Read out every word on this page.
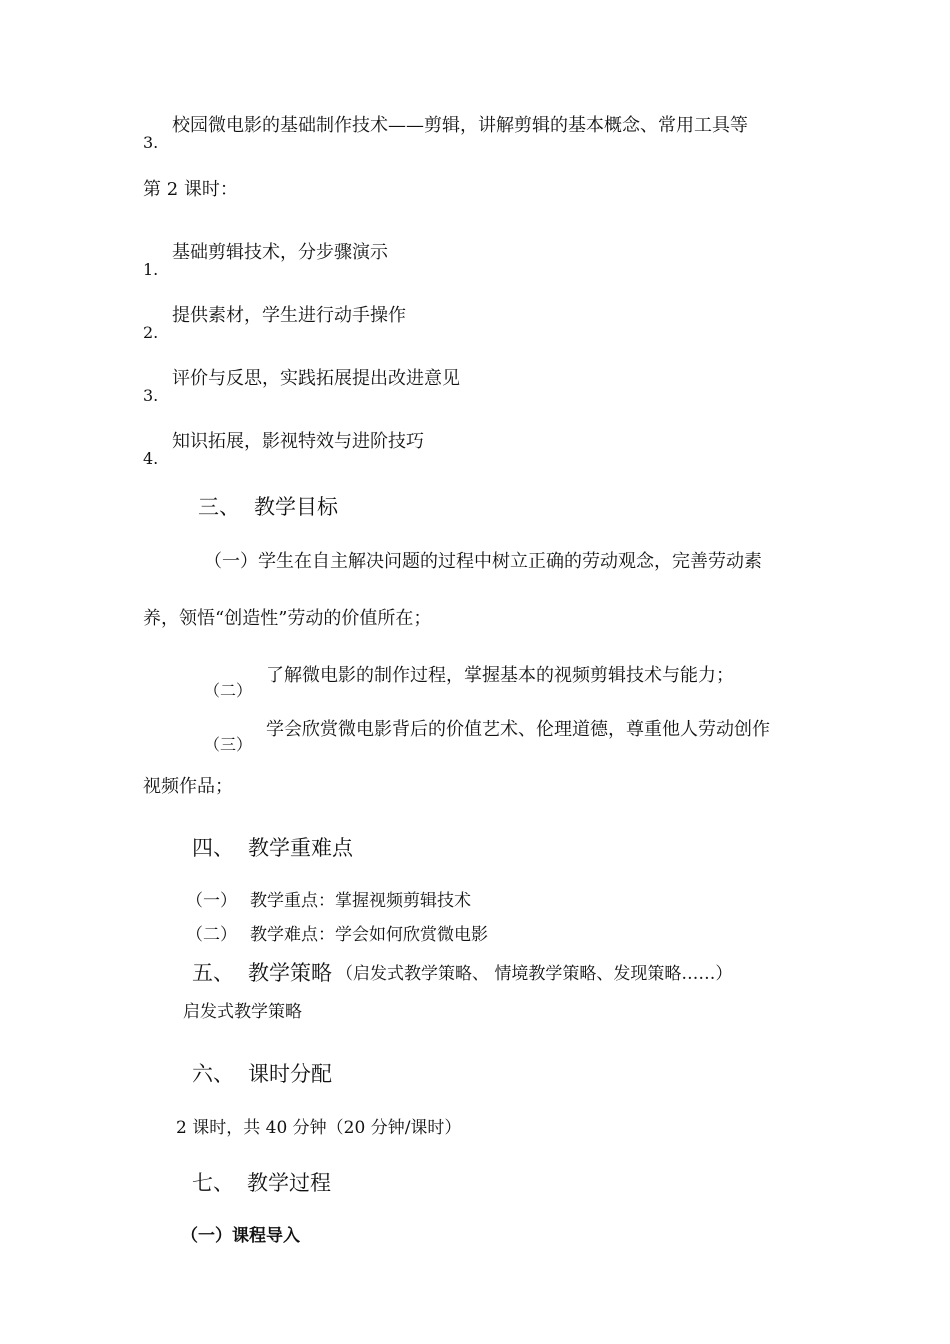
校园微电影的基础制作技术——剪辑，讲解剪辑的基本概念、常用工具等
3.
第 2 课时：
基础剪辑技术，分步骤演示
1.
提供素材，学生进行动手操作
2.
评价与反思，实践拓展提出改进意见
3.
知识拓展，影视特效与进阶技巧
4.
三、 教学目标
（一）学生在自主解决问题的过程中树立正确的劳动观念，完善劳动素
养，领悟“创造性”劳动的价值所在；
了解微电影的制作过程，掌握基本的视频剪辑技术与能力；
（二）
学会欣赏微电影背后的价值艺术、伦理道德，尊重他人劳动创作
（三）
视频作品；
四、 教学重难点
（一） 教学重点：掌握视频剪辑技术
（二） 教学难点：学会如何欣赏微电影
五、 教学策略 （启发式教学策略、 情境教学策略、发现策略……）
启发式教学策略
六、 课时分配
2 课时，共 40 分钟（20 分钟/课时）
七、 教学过程
（一）课程导入
